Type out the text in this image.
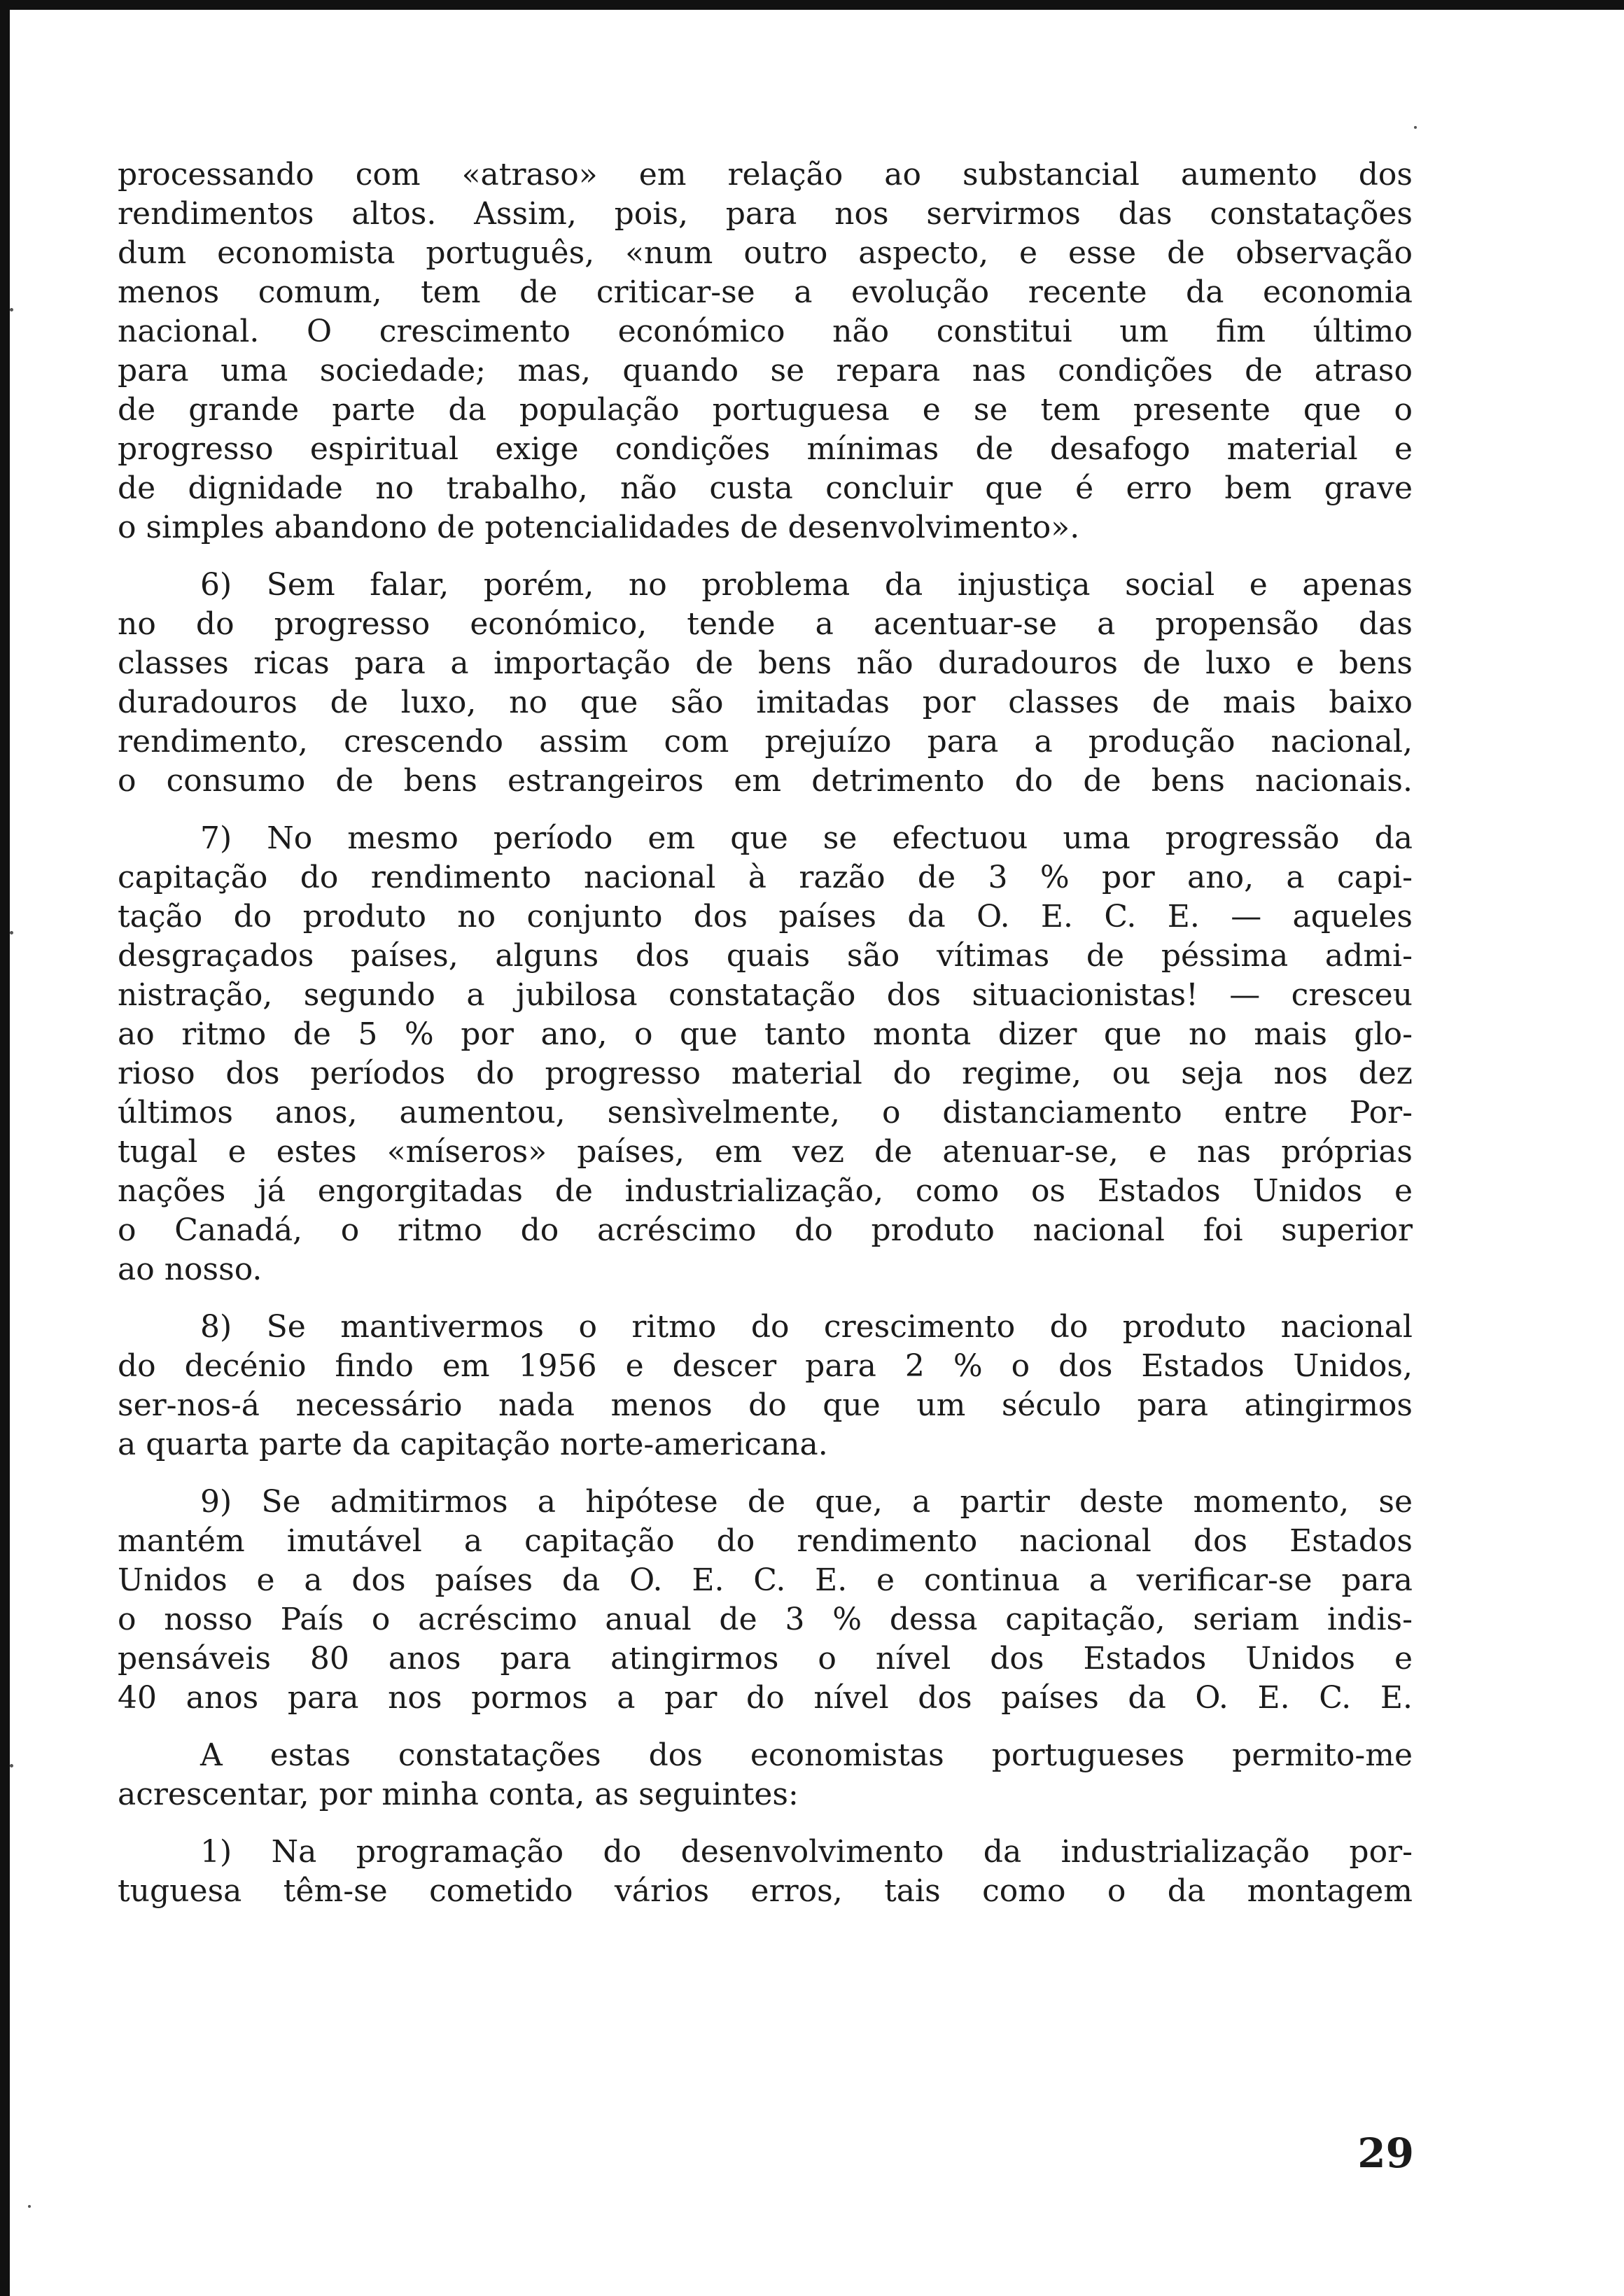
processando com «atraso» em relação ao substancial aumento dos
rendimentos altos. Assim, pois, para nos servirmos das constatações
dum economista português, «num outro aspecto, e esse de observação
menos comum, tem de criticar-se a evolução recente da economia
nacional. O crescimento económico não constitui um fim último
para uma sociedade; mas, quando se repara nas condições de atraso
de grande parte da população portuguesa e se tem presente que o
progresso espiritual exige condições mínimas de desafogo material e
de dignidade no trabalho, não custa concluir que é erro bem grave
o simples abandono de potencialidades de desenvolvimento».
6) Sem falar, porém, no problema da injustiça social e apenas
no do progresso económico, tende a acentuar-se a propensão das
classes ricas para a importação de bens não duradouros de luxo e bens
duradouros de luxo, no que são imitadas por classes de mais baixo
rendimento, crescendo assim com prejuízo para a produção nacional,
o consumo de bens estrangeiros em detrimento do de bens nacionais.
7) No mesmo período em que se efectuou uma progressão da
capitação do rendimento nacional à razão de 3 % por ano, a capi-
tação do produto no conjunto dos países da O. E. C. E. — aqueles
desgraçados países, alguns dos quais são vítimas de péssima admi-
nistração, segundo a jubilosa constatação dos situacionistas! — cresceu
ao ritmo de 5 % por ano, o que tanto monta dizer que no mais glo-
rioso dos períodos do progresso material do regime, ou seja nos dez
últimos anos, aumentou, sensìvelmente, o distanciamento entre Por-
tugal e estes «míseros» países, em vez de atenuar-se, e nas próprias
nações já engorgitadas de industrialização, como os Estados Unidos e
o Canadá, o ritmo do acréscimo do produto nacional foi superior
ao nosso.
8) Se mantivermos o ritmo do crescimento do produto nacional
do decénio findo em 1956 e descer para 2 % o dos Estados Unidos,
ser-nos-á necessário nada menos do que um século para atingirmos
a quarta parte da capitação norte-americana.
9) Se admitirmos a hipótese de que, a partir deste momento, se
mantém imutável a capitação do rendimento nacional dos Estados
Unidos e a dos países da O. E. C. E. e continua a verificar-se para
o nosso País o acréscimo anual de 3 % dessa capitação, seriam indis-
pensáveis 80 anos para atingirmos o nível dos Estados Unidos e
40 anos para nos pormos a par do nível dos países da O. E. C. E.
A estas constatações dos economistas portugueses permito-me
acrescentar, por minha conta, as seguintes:
1) Na programação do desenvolvimento da industrialização por-
tuguesa têm-se cometido vários erros, tais como o da montagem
29
